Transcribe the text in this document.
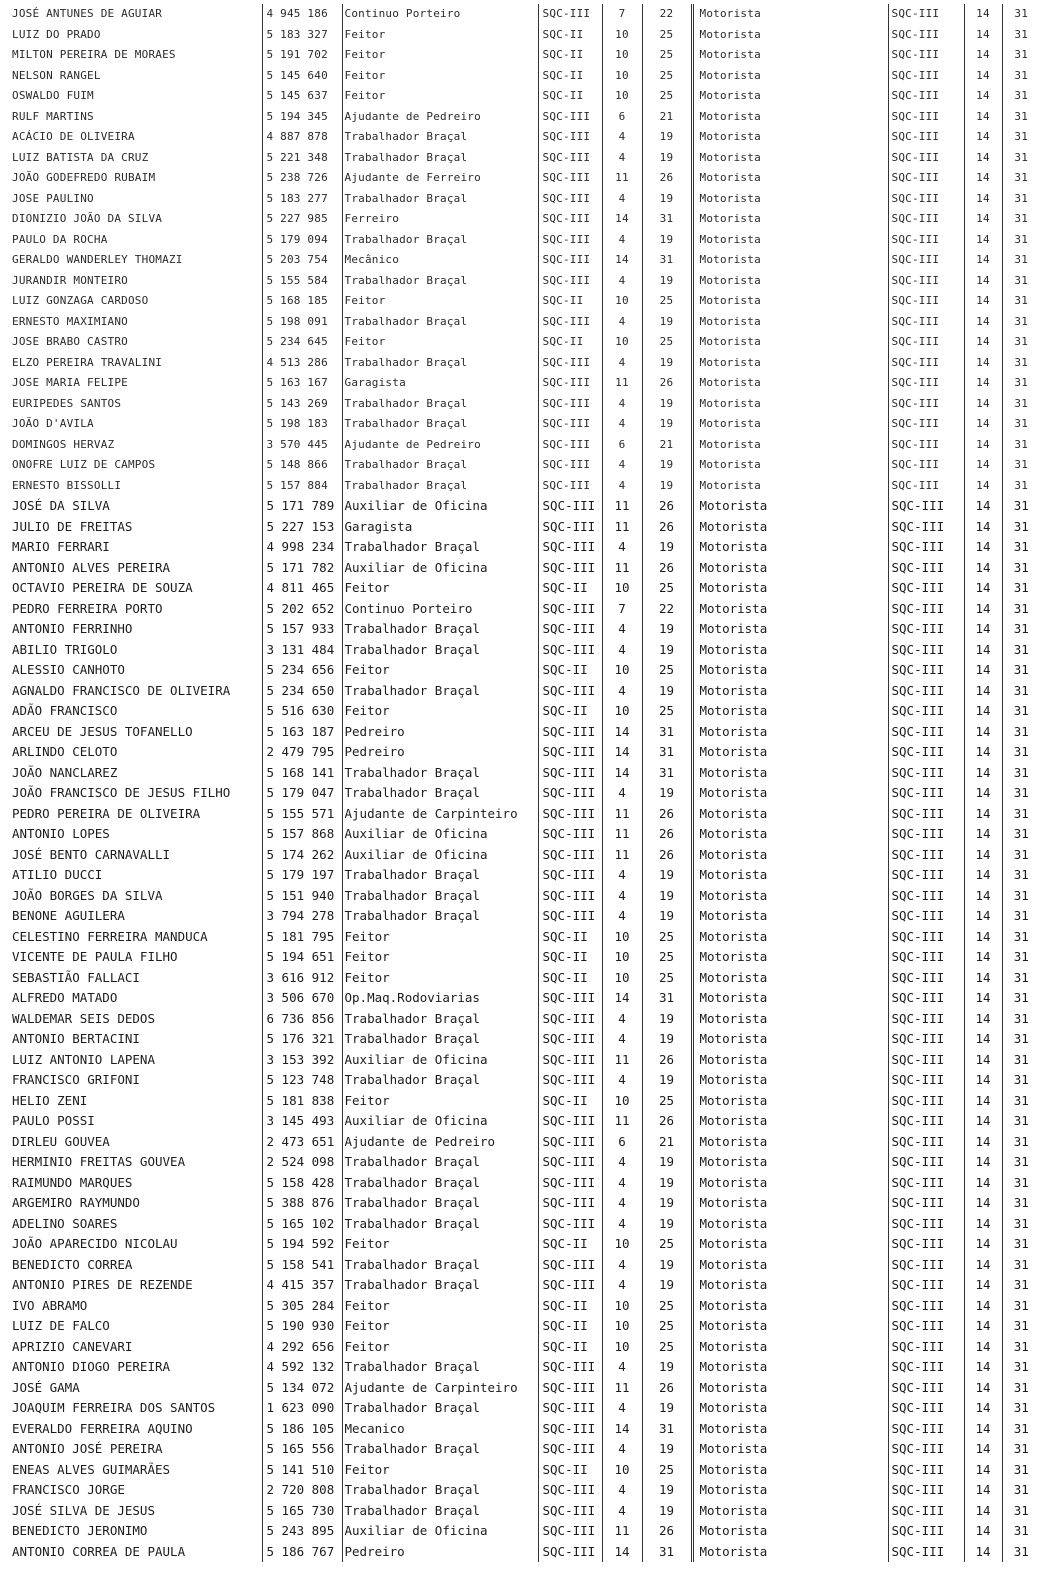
JOSÉ ANTUNES DE AGUIAR	4 945 186	Continuo Porteiro	SQC-III	7	22	Motorista	SQC-III	14	31
LUIZ DO PRADO	5 183 327	Feitor	SQC-II	10	25	Motorista	SQC-III	14	31
MILTON PEREIRA DE MORAES	5 191 702	Feitor	SQC-II	10	25	Motorista	SQC-III	14	31
NELSON RANGEL	5 145 640	Feitor	SQC-II	10	25	Motorista	SQC-III	14	31
OSWALDO FUIM	5 145 637	Feitor	SQC-II	10	25	Motorista	SQC-III	14	31
RULF MARTINS	5 194 345	Ajudante de Pedreiro	SQC-III	6	21	Motorista	SQC-III	14	31
ACÁCIO DE OLIVEIRA	4 887 878	Trabalhador Braçal	SQC-III	4	19	Motorista	SQC-III	14	31
LUIZ BATISTA DA CRUZ	5 221 348	Trabalhador Braçal	SQC-III	4	19	Motorista	SQC-III	14	31
JOÃO GODEFREDO RUBAIM	5 238 726	Ajudante de Ferreiro	SQC-III	11	26	Motorista	SQC-III	14	31
JOSE PAULINO	5 183 277	Trabalhador Braçal	SQC-III	4	19	Motorista	SQC-III	14	31
DIONIZIO JOÃO DA SILVA	5 227 985	Ferreiro	SQC-III	14	31	Motorista	SQC-III	14	31
PAULO DA ROCHA	5 179 094	Trabalhador Braçal	SQC-III	4	19	Motorista	SQC-III	14	31
GERALDO WANDERLEY THOMAZI	5 203 754	Mecânico	SQC-III	14	31	Motorista	SQC-III	14	31
JURANDIR MONTEIRO	5 155 584	Trabalhador Braçal	SQC-III	4	19	Motorista	SQC-III	14	31
LUIZ GONZAGA CARDOSO	5 168 185	Feitor	SQC-II	10	25	Motorista	SQC-III	14	31
ERNESTO MAXIMIANO	5 198 091	Trabalhador Braçal	SQC-III	4	19	Motorista	SQC-III	14	31
JOSE BRABO CASTRO	5 234 645	Feitor	SQC-II	10	25	Motorista	SQC-III	14	31
ELZO PEREIRA TRAVALINI	4 513 286	Trabalhador Braçal	SQC-III	4	19	Motorista	SQC-III	14	31
JOSE MARIA FELIPE	5 163 167	Garagista	SQC-III	11	26	Motorista	SQC-III	14	31
EURIPEDES SANTOS	5 143 269	Trabalhador Braçal	SQC-III	4	19	Motorista	SQC-III	14	31
JOÃO D'AVILA	5 198 183	Trabalhador Braçal	SQC-III	4	19	Motorista	SQC-III	14	31
DOMINGOS HERVAZ	3 570 445	Ajudante de Pedreiro	SQC-III	6	21	Motorista	SQC-III	14	31
ONOFRE LUIZ DE CAMPOS	5 148 866	Trabalhador Braçal	SQC-III	4	19	Motorista	SQC-III	14	31
ERNESTO BISSOLLI	5 157 884	Trabalhador Braçal	SQC-III	4	19	Motorista	SQC-III	14	31
JOSÉ DA SILVA	5 171 789	Auxiliar de Oficina	SQC-III	11	26	Motorista	SQC-III	14	31
JULIO DE FREITAS	5 227 153	Garagista	SQC-III	11	26	Motorista	SQC-III	14	31
MARIO FERRARI	4 998 234	Trabalhador Braçal	SQC-III	4	19	Motorista	SQC-III	14	31
ANTONIO ALVES PEREIRA	5 171 782	Auxiliar de Oficina	SQC-III	11	26	Motorista	SQC-III	14	31
OCTAVIO PEREIRA DE SOUZA	4 811 465	Feitor	SQC-II	10	25	Motorista	SQC-III	14	31
PEDRO FERREIRA PORTO	5 202 652	Continuo Porteiro	SQC-III	7	22	Motorista	SQC-III	14	31
ANTONIO FERRINHO	5 157 933	Trabalhador Braçal	SQC-III	4	19	Motorista	SQC-III	14	31
ABILIO TRIGOLO	3 131 484	Trabalhador Braçal	SQC-III	4	19	Motorista	SQC-III	14	31
ALESSIO CANHOTO	5 234 656	Feitor	SQC-II	10	25	Motorista	SQC-III	14	31
AGNALDO FRANCISCO DE OLIVEIRA	5 234 650	Trabalhador Braçal	SQC-III	4	19	Motorista	SQC-III	14	31
ADÃO FRANCISCO	5 516 630	Feitor	SQC-II	10	25	Motorista	SQC-III	14	31
ARCEU DE JESUS TOFANELLO	5 163 187	Pedreiro	SQC-III	14	31	Motorista	SQC-III	14	31
ARLINDO CELOTO	2 479 795	Pedreiro	SQC-III	14	31	Motorista	SQC-III	14	31
JOÃO NANCLAREZ	5 168 141	Trabalhador Braçal	SQC-III	14	31	Motorista	SQC-III	14	31
JOÃO FRANCISCO DE JESUS FILHO	5 179 047	Trabalhador Braçal	SQC-III	4	19	Motorista	SQC-III	14	31
PEDRO PEREIRA DE OLIVEIRA	5 155 571	Ajudante de Carpinteiro	SQC-III	11	26	Motorista	SQC-III	14	31
ANTONIO LOPES	5 157 868	Auxiliar de Oficina	SQC-III	11	26	Motorista	SQC-III	14	31
JOSÉ BENTO CARNAVALLI	5 174 262	Auxiliar de Oficina	SQC-III	11	26	Motorista	SQC-III	14	31
ATILIO DUCCI	5 179 197	Trabalhador Braçal	SQC-III	4	19	Motorista	SQC-III	14	31
JOÃO BORGES DA SILVA	5 151 940	Trabalhador Braçal	SQC-III	4	19	Motorista	SQC-III	14	31
BENONE AGUILERA	3 794 278	Trabalhador Braçal	SQC-III	4	19	Motorista	SQC-III	14	31
CELESTINO FERREIRA MANDUCA	5 181 795	Feitor	SQC-II	10	25	Motorista	SQC-III	14	31
VICENTE DE PAULA FILHO	5 194 651	Feitor	SQC-II	10	25	Motorista	SQC-III	14	31
SEBASTIÃO FALLACI	3 616 912	Feitor	SQC-II	10	25	Motorista	SQC-III	14	31
ALFREDO MATADO	3 506 670	Op.Maq.Rodoviarias	SQC-III	14	31	Motorista	SQC-III	14	31
WALDEMAR SEIS DEDOS	6 736 856	Trabalhador Braçal	SQC-III	4	19	Motorista	SQC-III	14	31
ANTONIO BERTACINI	5 176 321	Trabalhador Braçal	SQC-III	4	19	Motorista	SQC-III	14	31
LUIZ ANTONIO LAPENA	3 153 392	Auxiliar de Oficina	SQC-III	11	26	Motorista	SQC-III	14	31
FRANCISCO GRIFONI	5 123 748	Trabalhador Braçal	SQC-III	4	19	Motorista	SQC-III	14	31
HELIO ZENI	5 181 838	Feitor	SQC-II	10	25	Motorista	SQC-III	14	31
PAULO POSSI	3 145 493	Auxiliar de Oficina	SQC-III	11	26	Motorista	SQC-III	14	31
DIRLEU GOUVEA	2 473 651	Ajudante de Pedreiro	SQC-III	6	21	Motorista	SQC-III	14	31
HERMINIO FREITAS GOUVEA	2 524 098	Trabalhador Braçal	SQC-III	4	19	Motorista	SQC-III	14	31
RAIMUNDO MARQUES	5 158 428	Trabalhador Braçal	SQC-III	4	19	Motorista	SQC-III	14	31
ARGEMIRO RAYMUNDO	5 388 876	Trabalhador Braçal	SQC-III	4	19	Motorista	SQC-III	14	31
ADELINO SOARES	5 165 102	Trabalhador Braçal	SQC-III	4	19	Motorista	SQC-III	14	31
JOÃO APARECIDO NICOLAU	5 194 592	Feitor	SQC-II	10	25	Motorista	SQC-III	14	31
BENEDICTO CORREA	5 158 541	Trabalhador Braçal	SQC-III	4	19	Motorista	SQC-III	14	31
ANTONIO PIRES DE REZENDE	4 415 357	Trabalhador Braçal	SQC-III	4	19	Motorista	SQC-III	14	31
IVO ABRAMO	5 305 284	Feitor	SQC-II	10	25	Motorista	SQC-III	14	31
LUIZ DE FALCO	5 190 930	Feitor	SQC-II	10	25	Motorista	SQC-III	14	31
APRIZIO CANEVARI	4 292 656	Feitor	SQC-II	10	25	Motorista	SQC-III	14	31
ANTONIO DIOGO PEREIRA	4 592 132	Trabalhador Braçal	SQC-III	4	19	Motorista	SQC-III	14	31
JOSÉ GAMA	5 134 072	Ajudante de Carpinteiro	SQC-III	11	26	Motorista	SQC-III	14	31
JOAQUIM FERREIRA DOS SANTOS	1 623 090	Trabalhador Braçal	SQC-III	4	19	Motorista	SQC-III	14	31
EVERALDO FERREIRA AQUINO	5 186 105	Mecanico	SQC-III	14	31	Motorista	SQC-III	14	31
ANTONIO JOSÉ PEREIRA	5 165 556	Trabalhador Braçal	SQC-III	4	19	Motorista	SQC-III	14	31
ENEAS ALVES GUIMARÃES	5 141 510	Feitor	SQC-II	10	25	Motorista	SQC-III	14	31
FRANCISCO JORGE	2 720 808	Trabalhador Braçal	SQC-III	4	19	Motorista	SQC-III	14	31
JOSÉ SILVA DE JESUS	5 165 730	Trabalhador Braçal	SQC-III	4	19	Motorista	SQC-III	14	31
BENEDICTO JERONIMO	5 243 895	Auxiliar de Oficina	SQC-III	11	26	Motorista	SQC-III	14	31
ANTONIO CORREA DE PAULA	5 186 767	Pedreiro	SQC-III	14	31	Motorista	SQC-III	14	31
